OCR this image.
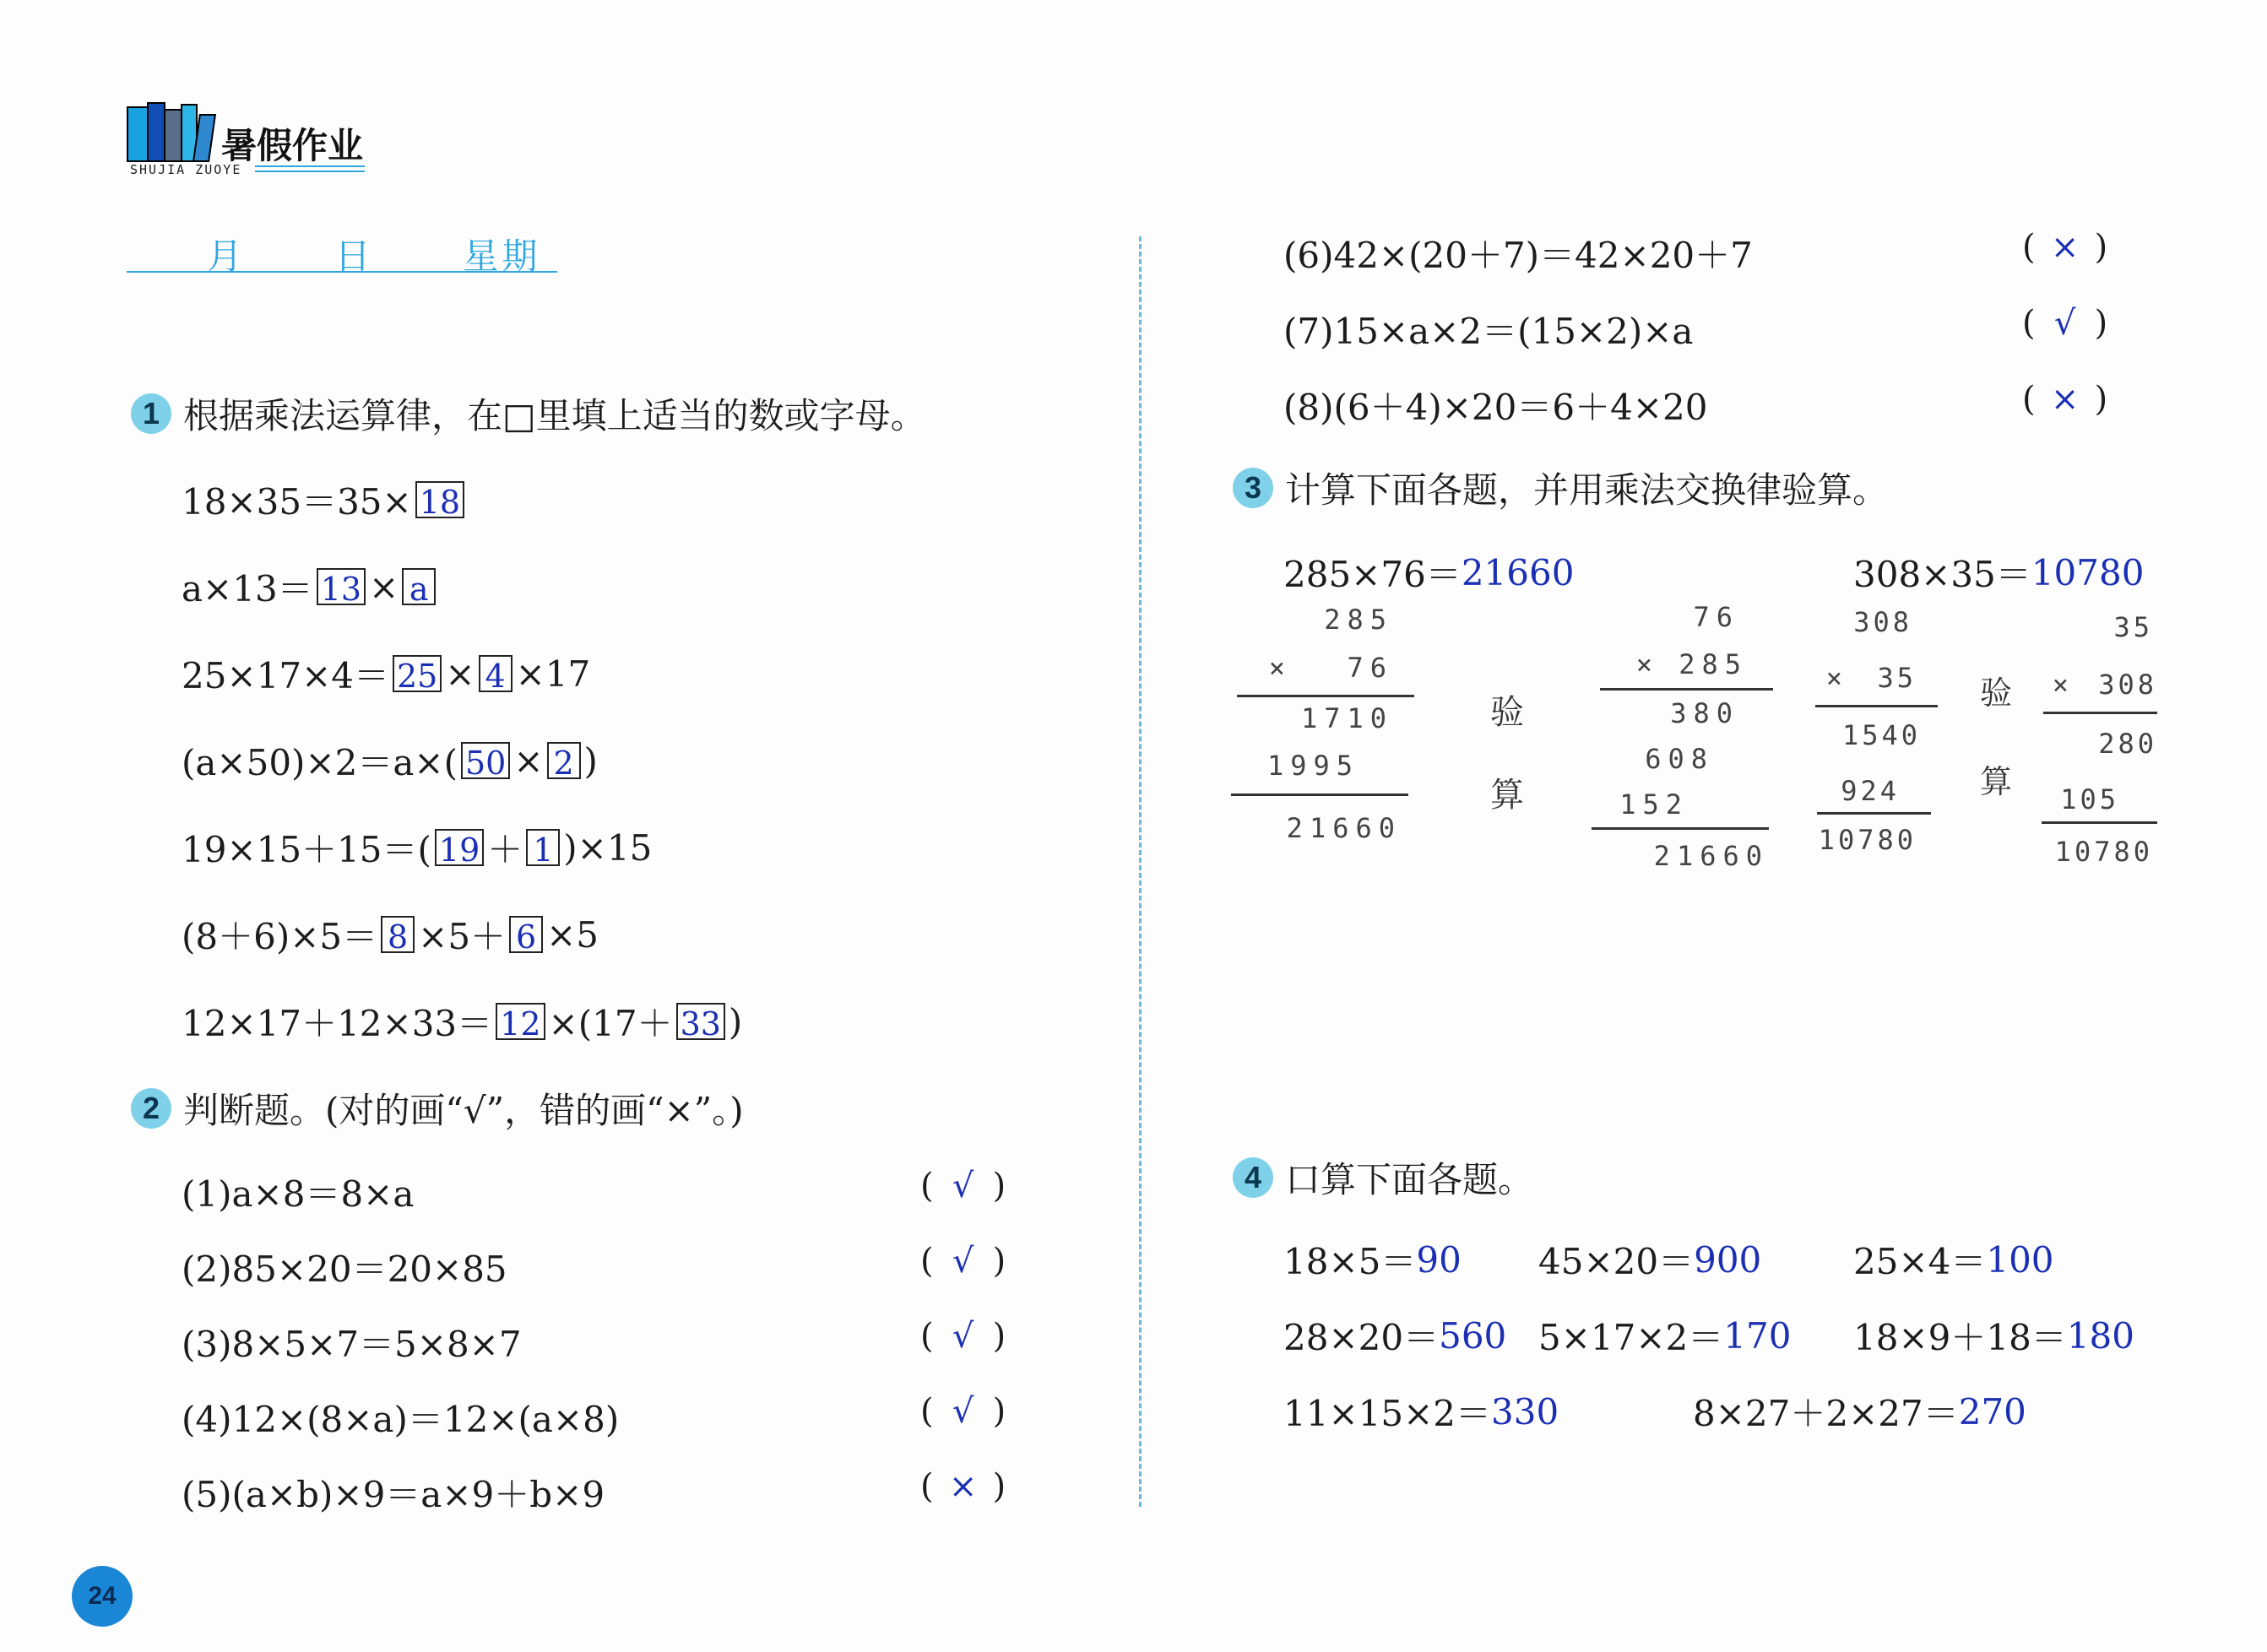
暑假作业
SHUJIA ZUOYE
月 日 星期
1 根据乘法运算律，在□里填上适当的数或字母。
18×35＝35× 18
a×13＝ 13 × a
25×17×4＝ 25 × 4 ×17
(a×50)×2＝a×( 50 × 2 )
19×15＋15＝( 19 ＋ 1 )×15
(8＋6)×5＝ 8 ×5＋ 6 ×5
12×17＋12×33＝ 12 ×(17＋ 33 )
2 判断题。(对的画“√”，错的画“×”。)
(1)a×8＝8×a	( √ )
(2)85×20＝20×85	( √ )
(3)8×5×7＝5×8×7	( √ )
(4)12×(8×a)＝12×(a×8)	( √ )
(5)(a×b)×9＝a×9＋b×9	( × )
(6)42×(20＋7)＝42×20＋7	( × )
(7)15×a×2＝(15×2)×a	( √ )
(8)(6＋4)×20＝6＋4×20	( × )
3 计算下面各题，并用乘法交换律验算。
285×76＝ 21660	308×35＝ 10780
285
×	76
1710
1995
21660
验
算
76
× 285
380
608
152
21660
308
×	35
1540
924
10780
验
算
35
× 308
280
105
10780
4 口算下面各题。
18×5＝ 90 45×20＝ 900	25×4＝ 100
28×20＝ 560 5×17×2＝ 170 18×9＋18＝ 180
11×15×2＝ 330	8×27＋2×27＝ 270
24
